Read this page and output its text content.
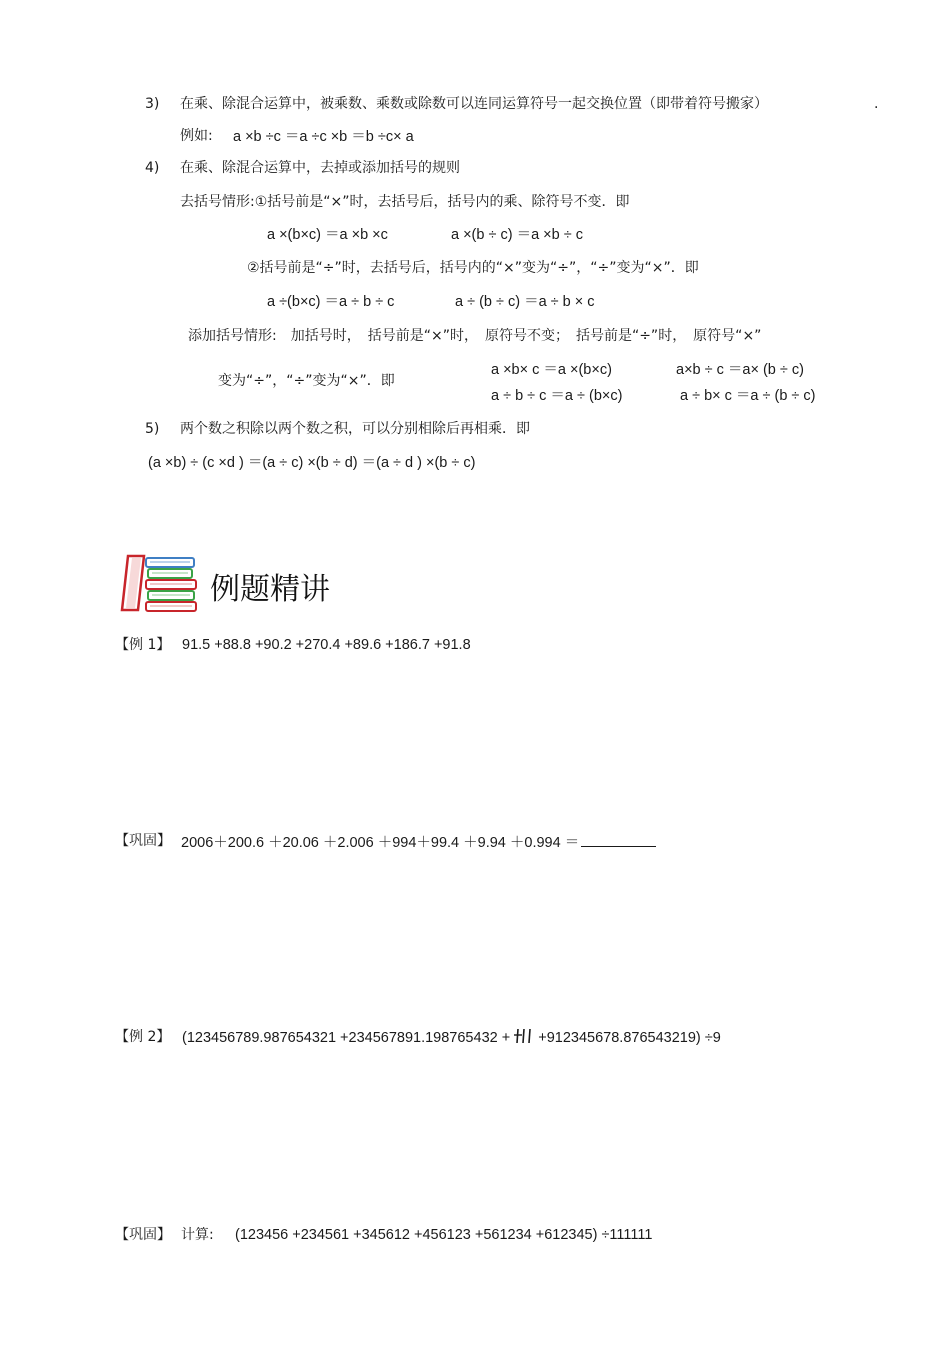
3) 在乘、除混合运算中，被乘数、乘数或除数可以连同运算符号一起交换位置（即带着符号搬家）	.
例如: a ×b ÷c ＝a ÷c ×b ＝b ÷c× a
4) 在乘、除混合运算中，去掉或添加括号的规则
去括号情形:①括号前是“×”时，去括号后，括号内的乘、除符号不变．即
a ×(b×c) ＝a ×b ×c	a ×(b ÷ c) ＝a ×b ÷ c
②括号前是“÷”时，去括号后，括号内的“×”变为“÷”，“÷”变为“×”．即
a ÷(b×c) ＝a ÷ b ÷ c	a ÷ (b ÷ c) ＝a ÷ b × c
添加括号情形:　加括号时，　括号前是“×”时，　原符号不变；　括号前是“÷”时，　原符号“×”
变为“÷”，“÷”变为“×”．即
a ×b× c ＝a ×(b×c)	a×b ÷ c ＝a× (b ÷ c)
a ÷ b ÷ c ＝a ÷ (b×c)	a ÷ b× c ＝a ÷ (b ÷ c)
5) 两个数之积除以两个数之积，可以分别相除后再相乘．即
(a ×b) ÷ (c ×d ) ＝(a ÷ c) ×(b ÷ d) ＝(a ÷ d ) ×(b ÷ c)
例题精讲
【例 1】 91.5 +88.8 +90.2 +270.4 +89.6 +186.7 +91.8
【巩固】 2006＋200.6 ＋20.06 ＋2.006 ＋994＋99.4 ＋9.94 ＋0.994 ＝
【例 2】 (123456789.987654321 +234567891.198765432 + +912345678.876543219) ÷9
【巩固】 计算: (123456 +234561 +345612 +456123 +561234 +612345) ÷111111
